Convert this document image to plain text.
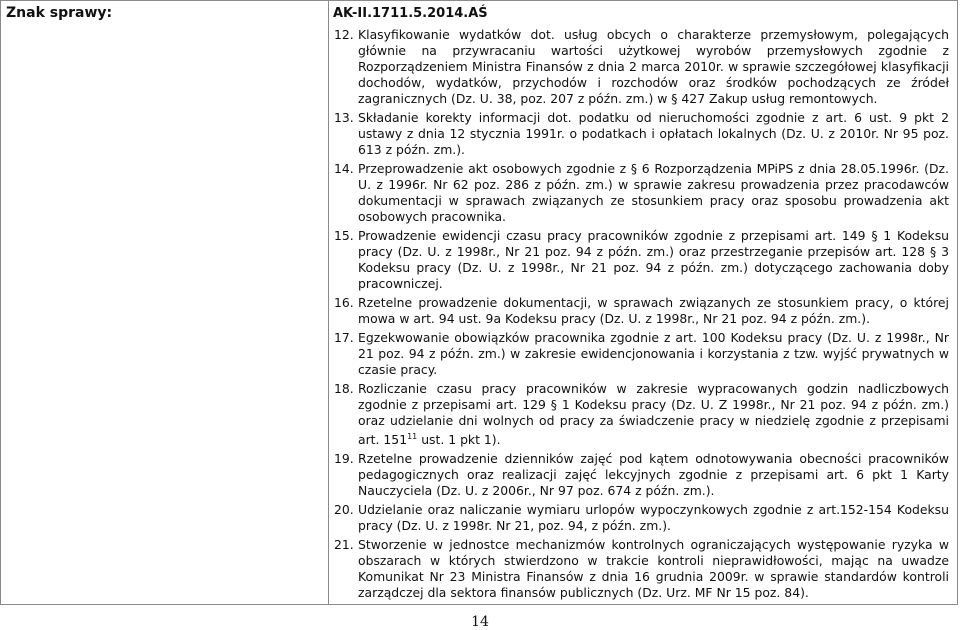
Znak sprawy:	AK-II.1711.5.2014.AŚ
12. Klasyfikowanie wydatków dot. usług obcych o charakterze przemysłowym, polegających głównie na przywracaniu wartości użytkowej wyrobów przemysłowych zgodnie z Rozporządzeniem Ministra Finansów z dnia 2 marca 2010r. w sprawie szczegółowej klasyfikacji dochodów, wydatków, przychodów i rozchodów oraz środków pochodzących ze źródeł zagranicznych (Dz. U. 38, poz. 207 z późn. zm.) w § 427 Zakup usług remontowych.
13. Składanie korekty informacji dot. podatku od nieruchomości zgodnie z art. 6 ust. 9 pkt 2 ustawy z dnia 12 stycznia 1991r. o podatkach i opłatach lokalnych (Dz. U. z 2010r. Nr 95 poz. 613 z późn. zm.).
14. Przeprowadzenie akt osobowych zgodnie z § 6 Rozporządzenia MPiPS z dnia 28.05.1996r. (Dz. U. z 1996r. Nr 62 poz. 286 z późn. zm.) w sprawie zakresu prowadzenia przez pracodawców dokumentacji w sprawach związanych ze stosunkiem pracy oraz sposobu prowadzenia akt osobowych pracownika.
15. Prowadzenie ewidencji czasu pracy pracowników zgodnie z przepisami art. 149 § 1 Kodeksu pracy (Dz. U. z 1998r., Nr 21 poz. 94 z późn. zm.) oraz przestrzeganie przepisów art. 128 § 3 Kodeksu pracy (Dz. U. z 1998r., Nr 21 poz. 94 z późn. zm.) dotyczącego zachowania doby pracowniczej.
16. Rzetelne prowadzenie dokumentacji, w sprawach związanych ze stosunkiem pracy, o której mowa w art. 94 ust. 9a Kodeksu pracy (Dz. U. z 1998r., Nr 21 poz. 94 z późn. zm.).
17. Egzekwowanie obowiązków pracownika zgodnie z art. 100 Kodeksu pracy (Dz. U. z 1998r., Nr 21 poz. 94 z późn. zm.) w zakresie ewidencjonowania i korzystania z tzw. wyjść prywatnych w czasie pracy.
18. Rozliczanie czasu pracy pracowników w zakresie wypracowanych godzin nadliczbowych zgodnie z przepisami art. 129 § 1 Kodeksu pracy (Dz. U. Z 1998r., Nr 21 poz. 94 z późn. zm.) oraz udzielanie dni wolnych od pracy za świadczenie pracy w niedzielę zgodnie z przepisami art. $151^{11}$ ust. 1 pkt 1).
19. Rzetelne prowadzenie dzienników zajęć pod kątem odnotowywania obecności pracowników pedagogicznych oraz realizacji zajęć lekcyjnych zgodnie z przepisami art. 6 pkt 1 Karty Nauczyciela (Dz. U. z 2006r., Nr 97 poz. 674 z późn. zm.).
20. Udzielanie oraz naliczanie wymiaru urlopów wypoczynkowych zgodnie z art.152-154 Kodeksu pracy (Dz. U. z 1998r. Nr 21, poz. 94, z późn. zm.).
21. Stworzenie w jednostce mechanizmów kontrolnych ograniczających występowanie ryzyka w obszarach w których stwierdzono w trakcie kontroli nieprawidłowości, mając na uwadze Komunikat Nr 23 Ministra Finansów z dnia 16 grudnia 2009r. w sprawie standardów kontroli zarządczej dla sektora finansów publicznych (Dz. Urz. MF Nr 15 poz. 84).
14
